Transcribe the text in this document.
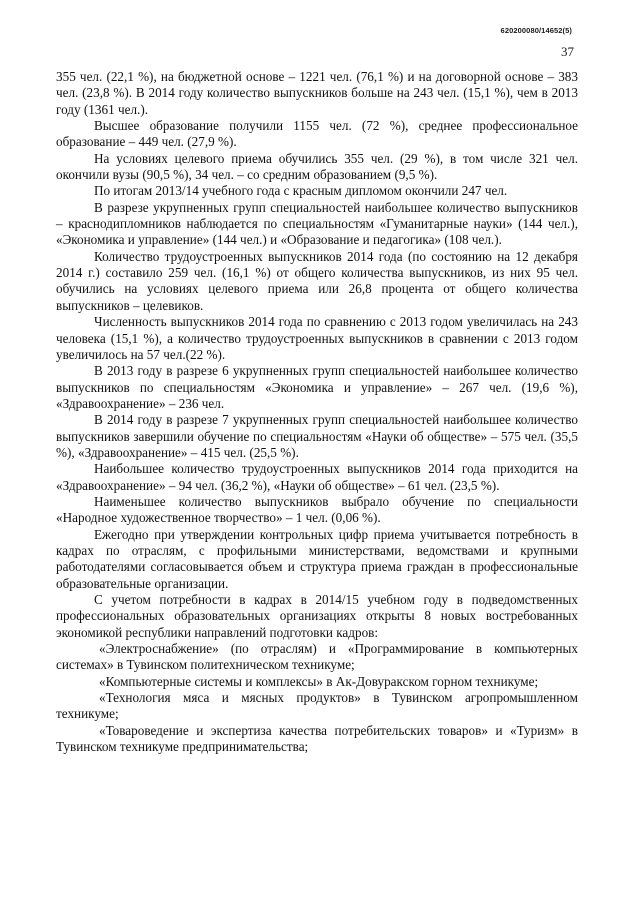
620200080/14652(5)
37

355 чел. (22,1 %), на бюджетной основе – 1221 чел. (76,1 %) и на договорной основе – 383 чел. (23,8 %). В 2014 году количество выпускников больше на 243 чел. (15,1 %), чем в 2013 году (1361 чел.).

Высшее образование получили 1155 чел. (72 %), среднее профессиональное образование – 449 чел. (27,9 %).

На условиях целевого приема обучились 355 чел. (29 %), в том числе 321 чел. окончили вузы (90,5 %), 34 чел. – со средним образованием (9,5 %).

По итогам 2013/14 учебного года с красным дипломом окончили 247 чел.

В разрезе укрупненных групп специальностей наибольшее количество выпускников – краснодипломников наблюдается по специальностям «Гуманитарные науки» (144 чел.), «Экономика и управление» (144 чел.) и «Образование и педагогика» (108 чел.).

Количество трудоустроенных выпускников 2014 года (по состоянию на 12 декабря 2014 г.) составило 259 чел. (16,1 %) от общего количества выпускников, из них 95 чел. обучились на условиях целевого приема или 26,8 процента от общего количества выпускников – целевиков.

Численность выпускников 2014 года по сравнению с 2013 годом увеличилась на 243 человека (15,1 %), а количество трудоустроенных выпускников в сравнении с 2013 годом увеличилось на 57 чел.(22 %).

В 2013 году в разрезе 6 укрупненных групп специальностей наибольшее количество выпускников по специальностям «Экономика и управление» – 267 чел. (19,6 %), «Здравоохранение» – 236 чел.

В 2014 году в разрезе 7 укрупненных групп специальностей наибольшее количество выпускников завершили обучение по специальностям «Науки об обществе» – 575 чел. (35,5 %), «Здравоохранение» – 415 чел. (25,5 %).

Наибольшее количество трудоустроенных выпускников 2014 года приходится на «Здравоохранение» – 94 чел. (36,2 %), «Науки об обществе» – 61 чел. (23,5 %).

Наименьшее количество выпускников выбрало обучение по специальности «Народное художественное творчество» – 1 чел. (0,06 %).

Ежегодно при утверждении контрольных цифр приема учитывается потребность в кадрах по отраслям, с профильными министерствами, ведомствами и крупными работодателями согласовывается объем и структура приема граждан в профессиональные образовательные организации.

С учетом потребности в кадрах в 2014/15 учебном году в подведомственных профессиональных образовательных организациях открыты 8 новых востребованных экономикой республики направлений подготовки кадров:

«Электроснабжение» (по отраслям) и «Программирование в компьютерных системах» в Тувинском политехническом техникуме;

«Компьютерные системы и комплексы» в Ак-Довуракском горном техникуме;

«Технология мяса и мясных продуктов» в Тувинском агропромышленном техникуме;

«Товароведение и экспертиза качества потребительских товаров» и «Туризм» в Тувинском техникуме предпринимательства;
